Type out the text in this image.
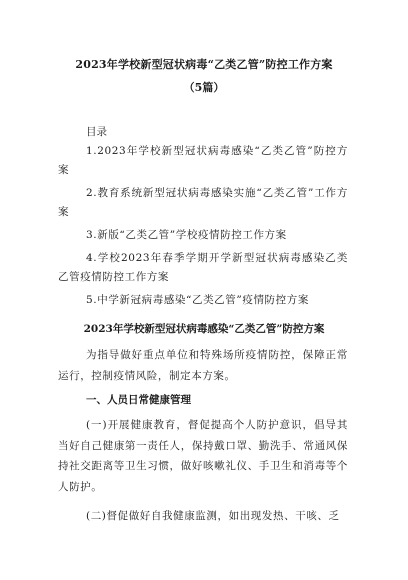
2023年学校新型冠状病毒“乙类乙管”防控工作方案
（5篇）
目录
1.2023年学校新型冠状病毒感染“乙类乙管”防控方案
2.教育系统新型冠状病毒感染实施“乙类乙管”工作方案
3.新版“乙类乙管”学校疫情防控工作方案
4.学校2023年春季学期开学新型冠状病毒感染乙类乙管疫情防控工作方案
5.中学新冠病毒感染“乙类乙管”疫情防控方案
2023年学校新型冠状病毒感染“乙类乙管”防控方案
为指导做好重点单位和特殊场所疫情防控，保障正常运行，控制疫情风险，制定本方案。
一、人员日常健康管理
(一)开展健康教育，督促提高个人防护意识，倡导其当好自己健康第一责任人，保持戴口罩、勤洗手、常通风保持社交距离等卫生习惯，做好咳嗽礼仪、手卫生和消毒等个人防护。
(二)督促做好自我健康监测，如出现发热、干咳、乏
